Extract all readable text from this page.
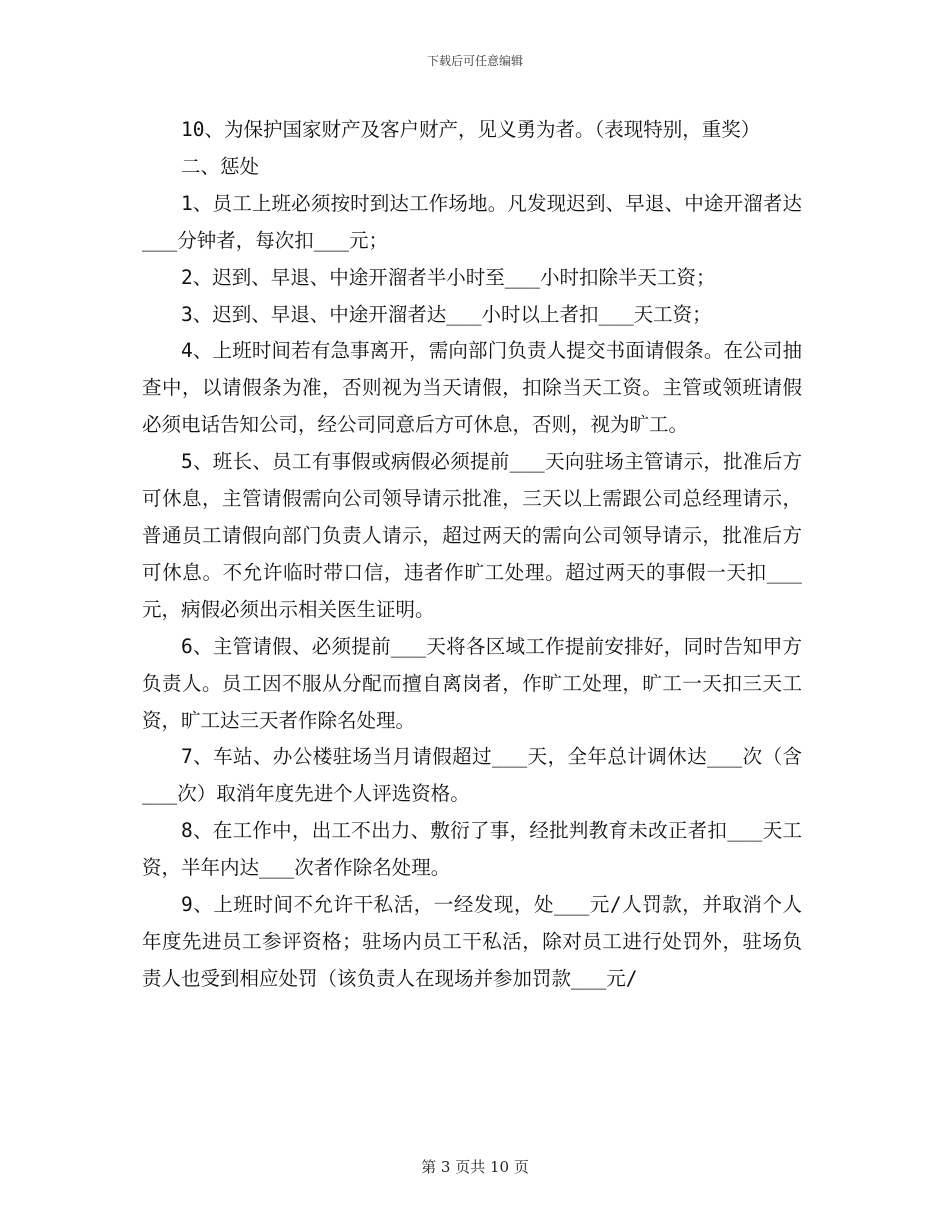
下载后可任意编辑

10、为保护国家财产及客户财产，见义勇为者。（表现特别，重奖）

二、惩处

1、员工上班必须按时到达工作场地。凡发现迟到、早退、中途开溜者达___分钟者，每次扣___元；

2、迟到、早退、中途开溜者半小时至___小时扣除半天工资；

3、迟到、早退、中途开溜者达___小时以上者扣___天工资；

4、上班时间若有急事离开，需向部门负责人提交书面请假条。在公司抽查中，以请假条为准，否则视为当天请假，扣除当天工资。主管或领班请假必须电话告知公司，经公司同意后方可休息，否则，视为旷工。

5、班长、员工有事假或病假必须提前___天向驻场主管请示，批准后方可休息，主管请假需向公司领导请示批准，三天以上需跟公司总经理请示，普通员工请假向部门负责人请示，超过两天的需向公司领导请示，批准后方可休息。不允许临时带口信，违者作旷工处理。超过两天的事假一天扣___元，病假必须出示相关医生证明。

6、主管请假、必须提前___天将各区域工作提前安排好，同时告知甲方负责人。员工因不服从分配而擅自离岗者，作旷工处理，旷工一天扣三天工资，旷工达三天者作除名处理。

7、车站、办公楼驻场当月请假超过___天，全年总计调休达___次（含___次）取消年度先进个人评选资格。

8、在工作中，出工不出力、敷衍了事，经批判教育未改正者扣___天工资，半年内达___次者作除名处理。

9、上班时间不允许干私活，一经发现，处___元/人罚款，并取消个人年度先进员工参评资格；驻场内员工干私活，除对员工进行处罚外，驻场负责人也受到相应处罚（该负责人在现场并参加罚款___元/

第 3 页共 10 页
